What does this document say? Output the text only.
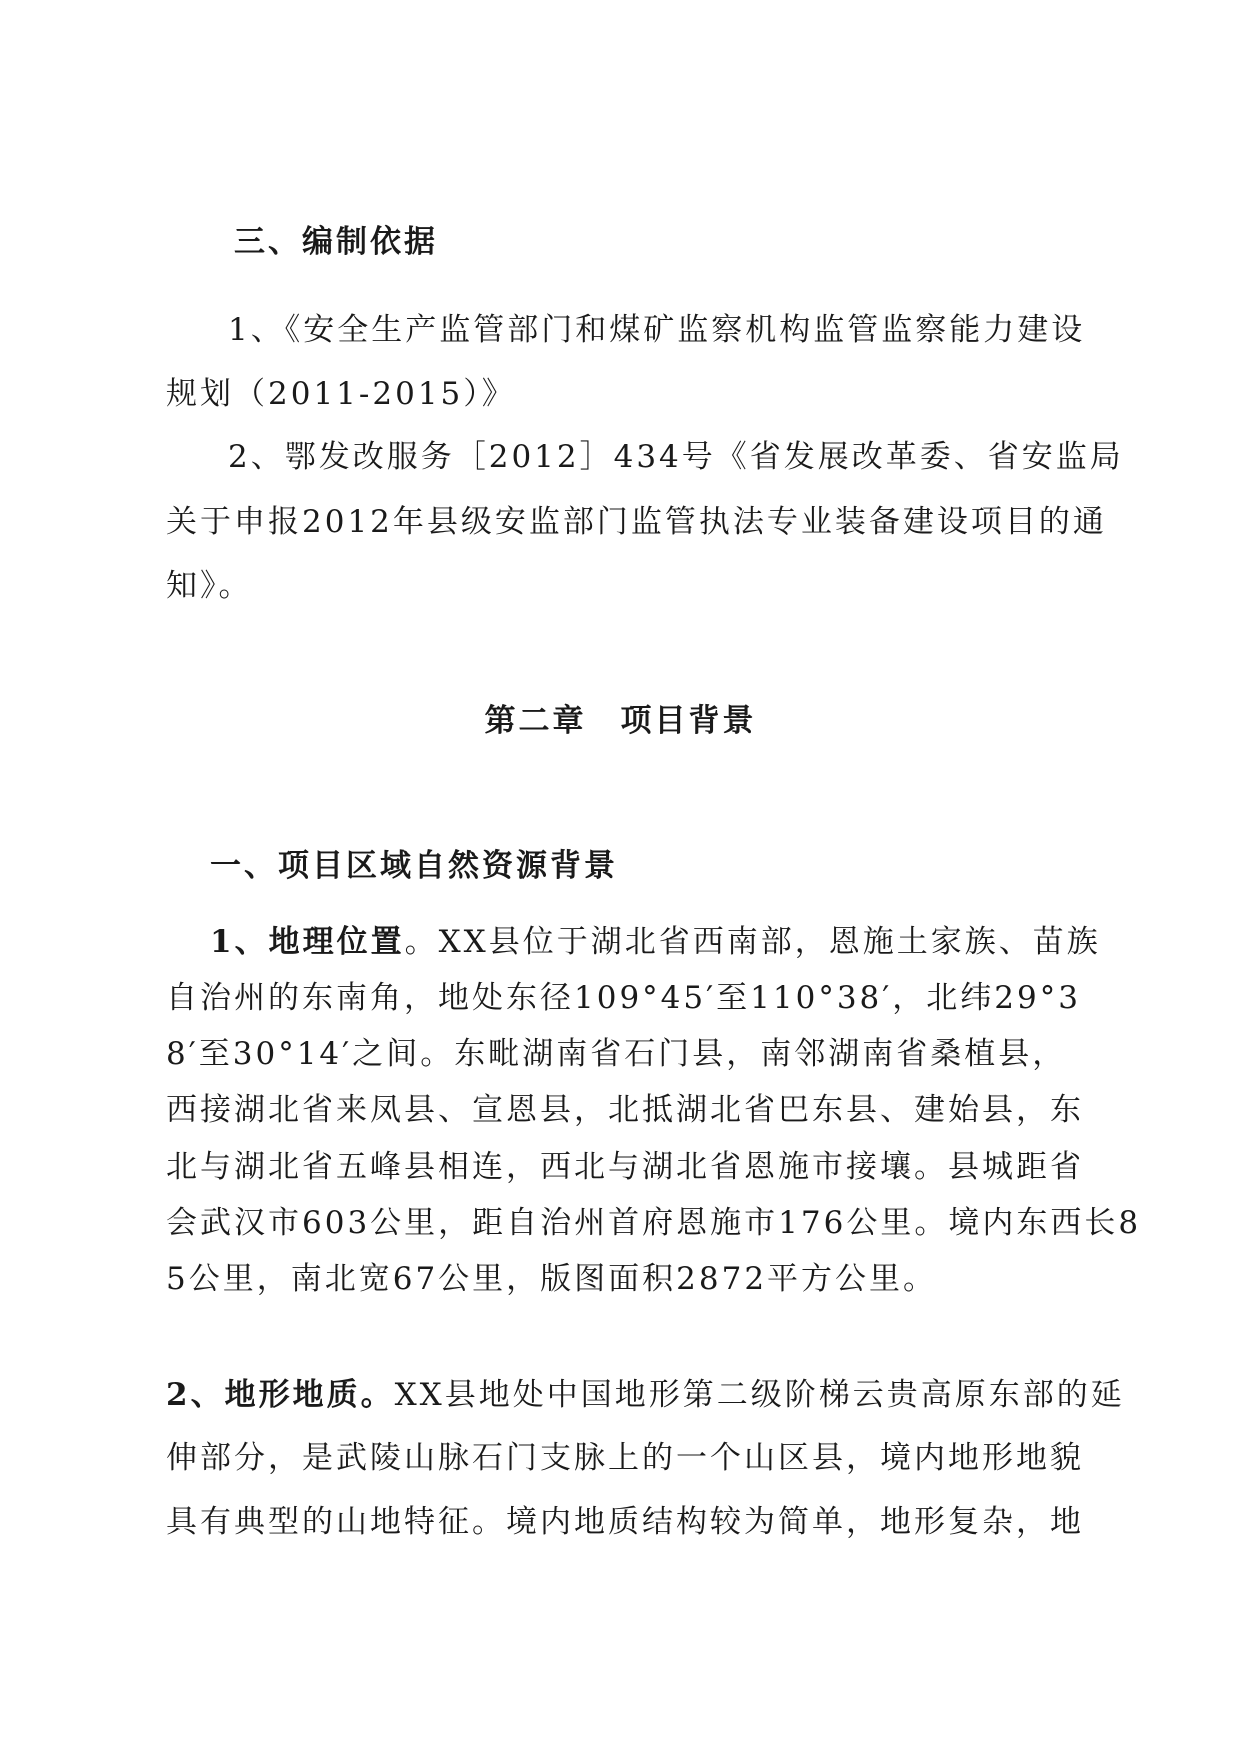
三、编制依据
1、《安全生产监管部门和煤矿监察机构监管监察能力建设
规划（2011-2015）》
2、鄂发改服务［2012］434号《省发展改革委、省安监局
关于申报2012年县级安监部门监管执法专业装备建设项目的通
知》。
第二章　项目背景
一、项目区域自然资源背景
1、地理位置。XX县位于湖北省西南部，恩施土家族、苗族
自治州的东南角，地处东径109°45′至110°38′，北纬29°3
8′至30°14′之间。东毗湖南省石门县，南邻湖南省桑植县，
西接湖北省来凤县、宣恩县，北抵湖北省巴东县、建始县，东
北与湖北省五峰县相连，西北与湖北省恩施市接壤。县城距省
会武汉市603公里，距自治州首府恩施市176公里。境内东西长8
5公里，南北宽67公里，版图面积2872平方公里。
2、地形地质。XX县地处中国地形第二级阶梯云贵高原东部的延
伸部分，是武陵山脉石门支脉上的一个山区县，境内地形地貌
具有典型的山地特征。境内地质结构较为简单，地形复杂，地
